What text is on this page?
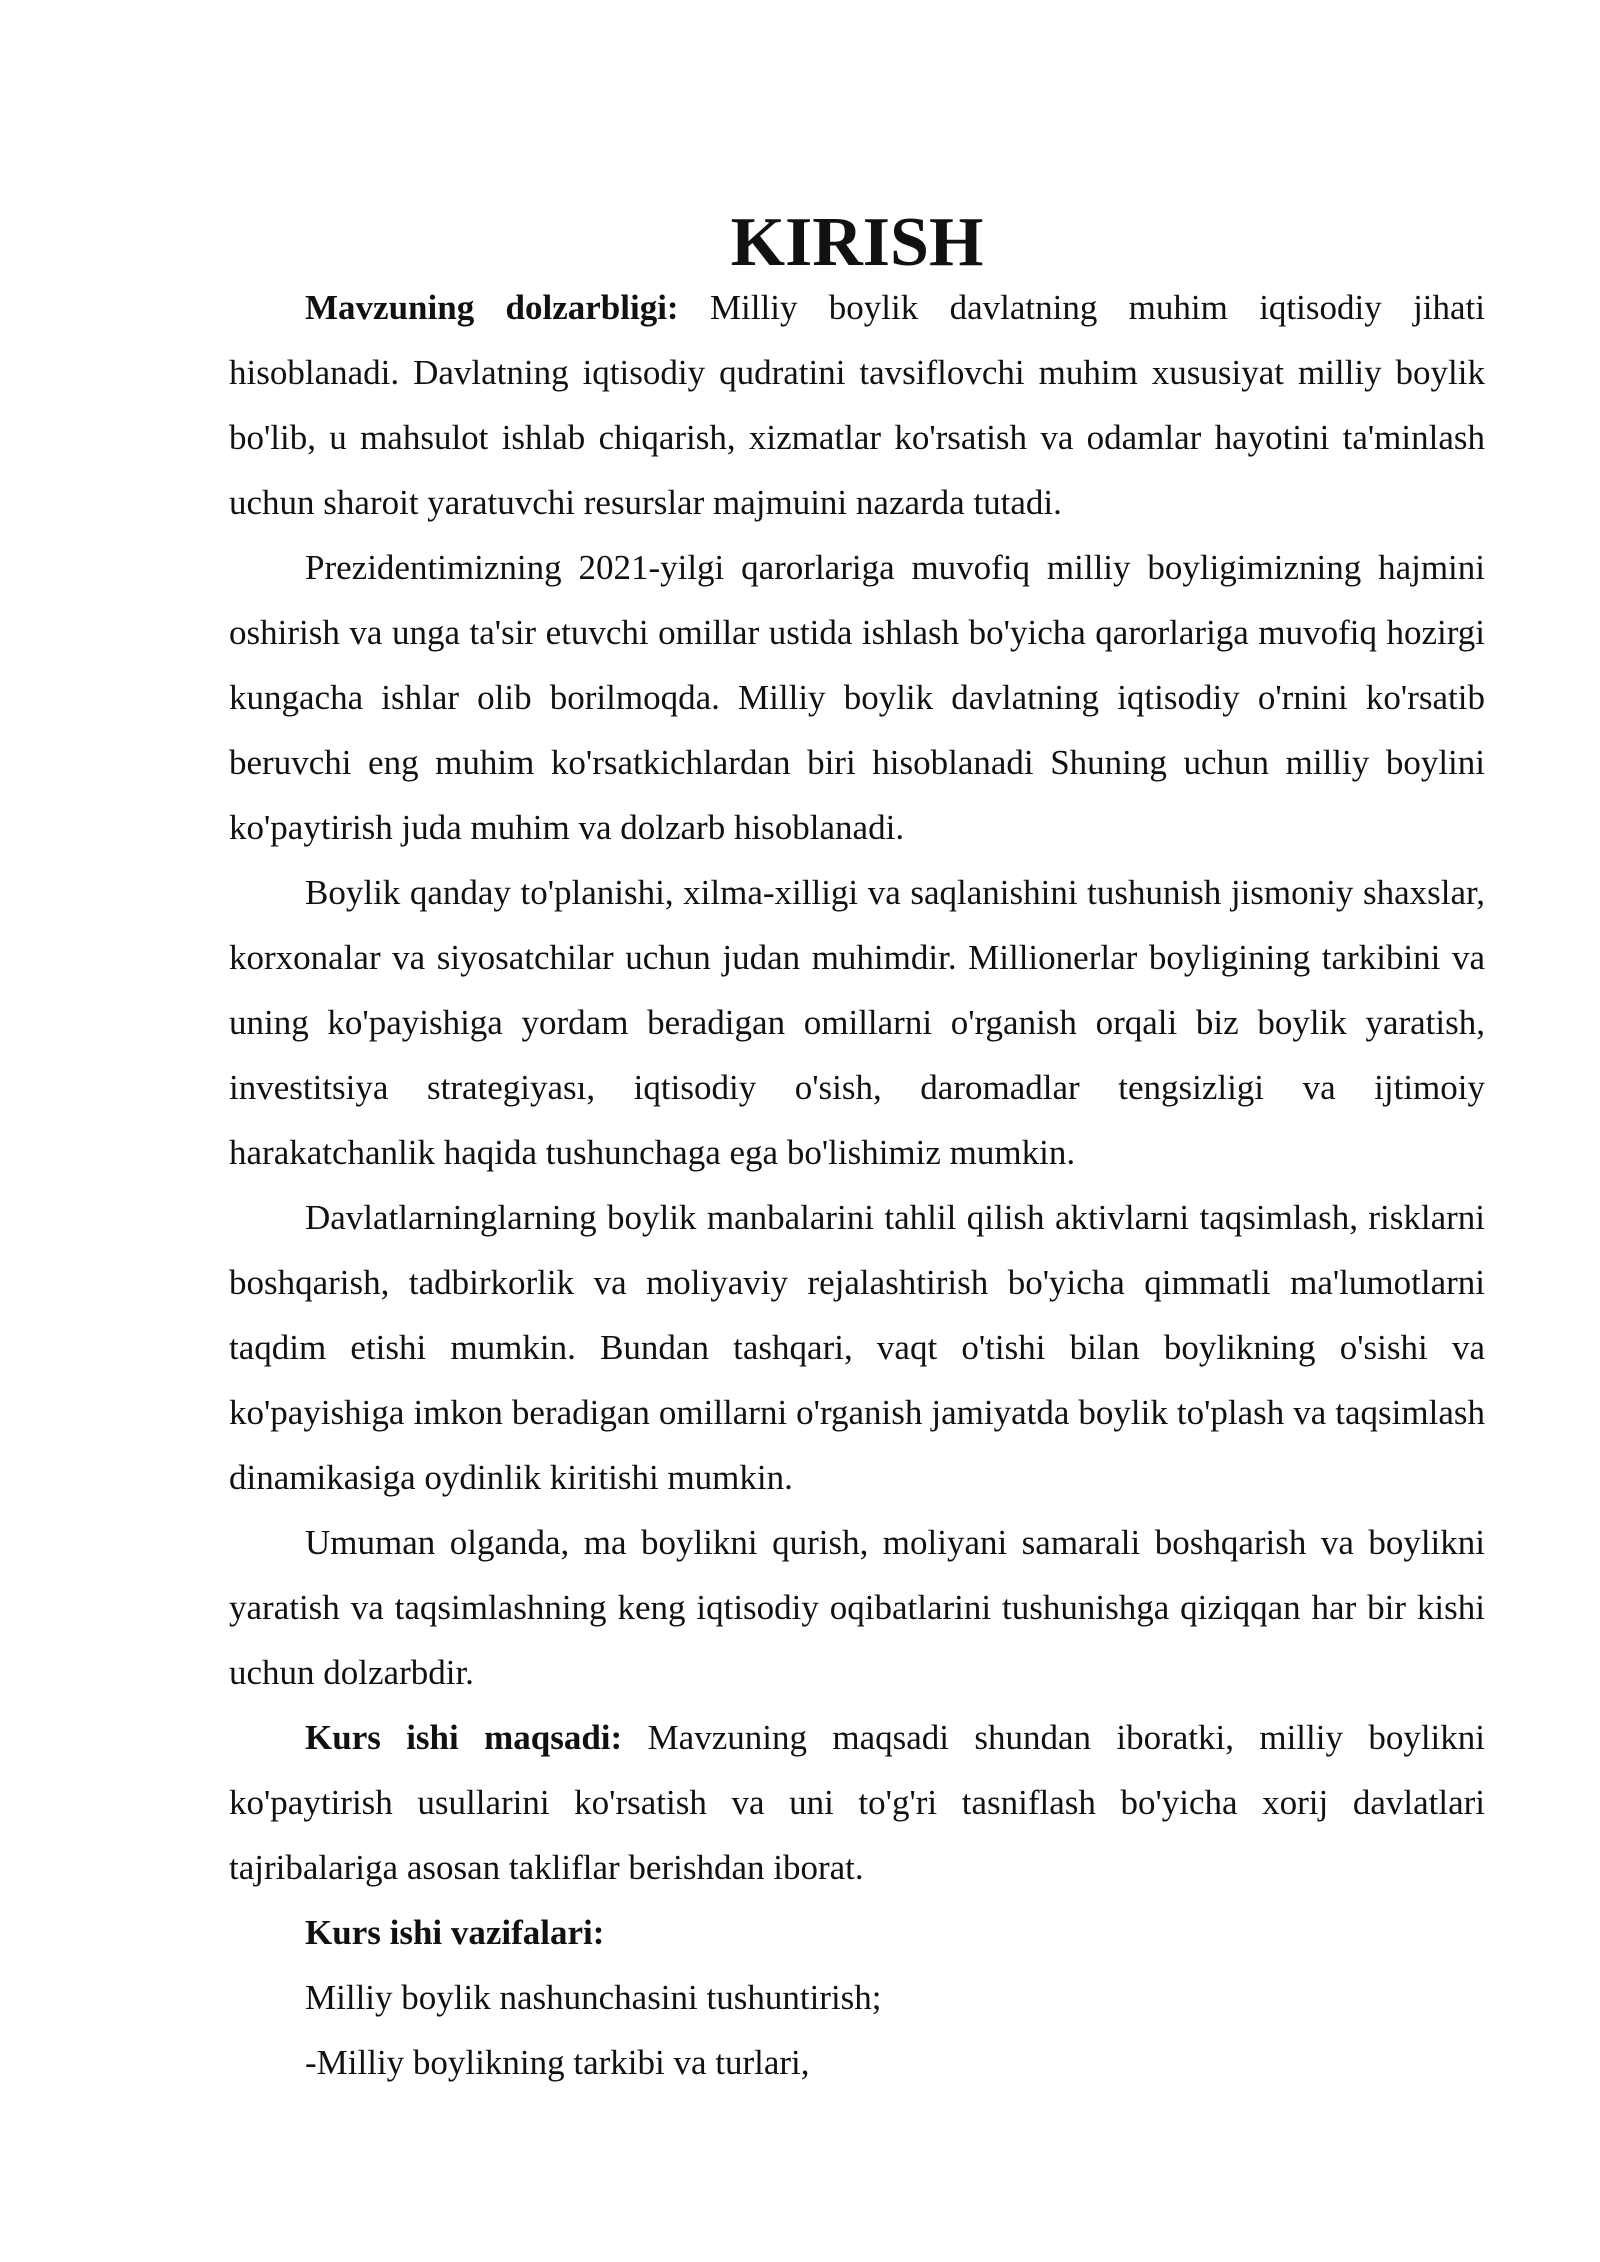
KIRISH

Mavzuning dolzarbligi: Milliy boylik davlatning muhim iqtisodiy jihati hisoblanadi. Davlatning iqtisodiy qudratini tavsiflovchi muhim xususiyat milliy boylik bo'lib, u mahsulot ishlab chiqarish, xizmatlar ko'rsatish va odamlar hayotini ta'minlash uchun sharoit yaratuvchi resurslar majmuini nazarda tutadi.

Prezidentimizning 2021-yilgi qarorlariga muvofiq milliy boyligimizning hajmini oshirish va unga ta'sir etuvchi omillar ustida ishlash bo'yicha qarorlariga muvofiq hozirgi kungacha ishlar olib borilmoqda. Milliy boylik davlatning iqtisodiy o'rnini ko'rsatib beruvchi eng muhim ko'rsatkichlardan biri hisoblanadi Shuning uchun milliy boylini ko'paytirish juda muhim va dolzarb hisoblanadi.

Boylik qanday to'planishi, xilma-xilligi va saqlanishini tushunish jismoniy shaxslar, korxonalar va siyosatchilar uchun judan muhimdir. Millionerlar boyligining tarkibini va uning ko'payishiga yordam beradigan omillarni o'rganish orqali biz boylik yaratish, investitsiya strategiyası, iqtisodiy o'sish, daromadlar tengsizligi va ijtimoiy harakatchanlik haqida tushunchaga ega bo'lishimiz mumkin.

Davlatlarninglarning boylik manbalarini tahlil qilish aktivlarni taqsimlash, risklarni boshqarish, tadbirkorlik va moliyaviy rejalashtirish bo'yicha qimmatli ma'lumotlarni taqdim etishi mumkin. Bundan tashqari, vaqt o'tishi bilan boylikning o'sishi va ko'payishiga imkon beradigan omillarni o'rganish jamiyatda boylik to'plash va taqsimlash dinamikasiga oydinlik kiritishi mumkin.

Umuman olganda, ma boylikni qurish, moliyani samarali boshqarish va boylikni yaratish va taqsimlashning keng iqtisodiy oqibatlarini tushunishga qiziqqan har bir kishi uchun dolzarbdir.

Kurs ishi maqsadi: Mavzuning maqsadi shundan iboratki, milliy boylikni ko'paytirish usullarini ko'rsatish va uni to'g'ri tasniflash bo'yicha xorij davlatlari tajribalariga asosan takliflar berishdan iborat.

Kurs ishi vazifalari:

Milliy boylik nashunchasini tushuntirish;

-Milliy boylikning tarkibi va turlari,
